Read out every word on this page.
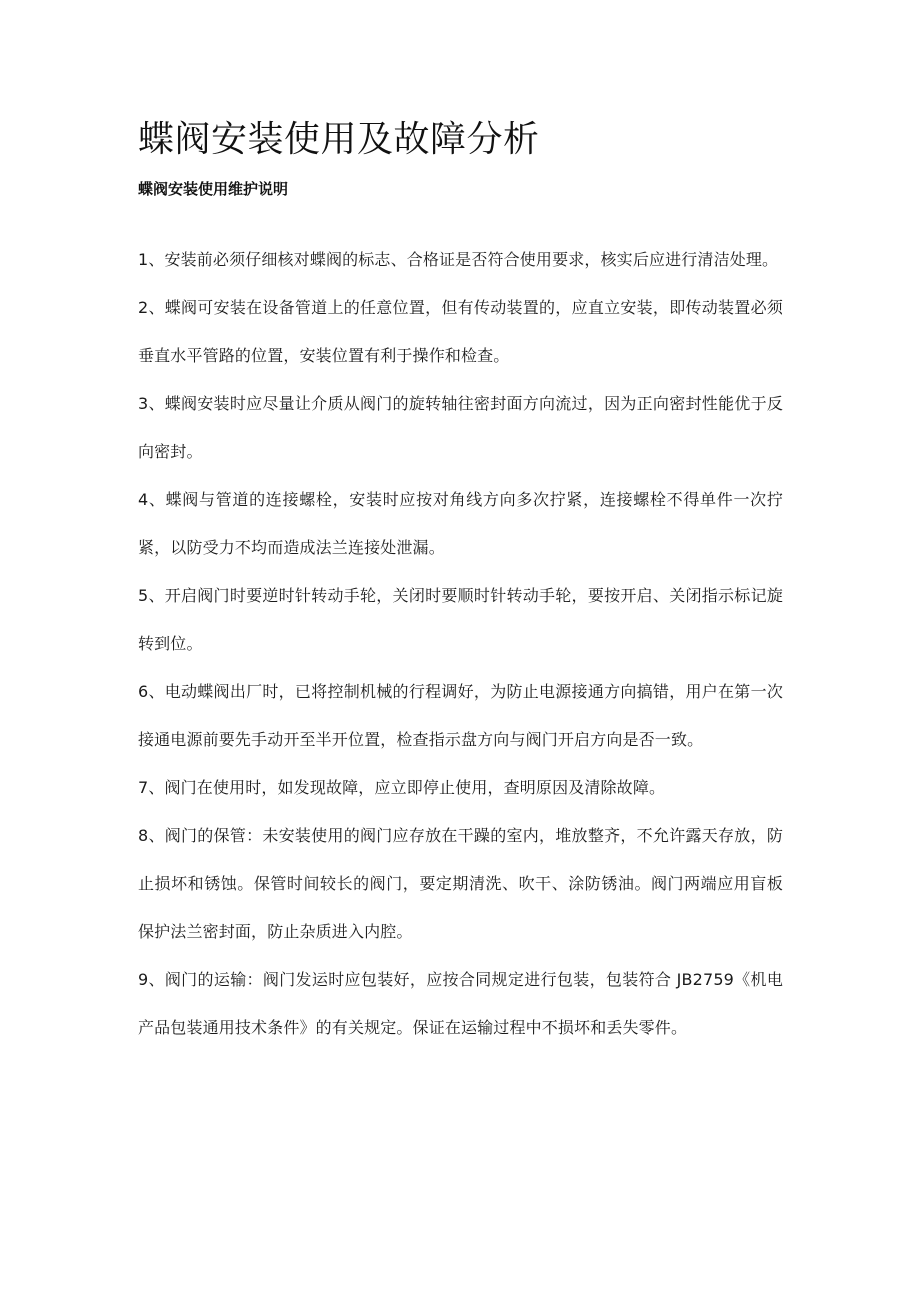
蝶阀安装使用及故障分析
蝶阀安装使用维护说明
1、安装前必须仔细核对蝶阀的标志、合格证是否符合使用要求，核实后应进行清洁处理。
2、蝶阀可安装在设备管道上的任意位置，但有传动装置的，应直立安装，即传动装置必须垂直水平管路的位置，安装位置有利于操作和检查。
3、蝶阀安装时应尽量让介质从阀门的旋转轴往密封面方向流过，因为正向密封性能优于反向密封。
4、蝶阀与管道的连接螺栓，安装时应按对角线方向多次拧紧，连接螺栓不得单件一次拧紧，以防受力不均而造成法兰连接处泄漏。
5、开启阀门时要逆时针转动手轮，关闭时要顺时针转动手轮，要按开启、关闭指示标记旋转到位。
6、电动蝶阀出厂时，已将控制机械的行程调好，为防止电源接通方向搞错，用户在第一次接通电源前要先手动开至半开位置，检查指示盘方向与阀门开启方向是否一致。
7、阀门在使用时，如发现故障，应立即停止使用，查明原因及清除故障。
8、阀门的保管：未安装使用的阀门应存放在干躁的室内，堆放整齐，不允许露天存放，防止损坏和锈蚀。保管时间较长的阀门，要定期清洗、吹干、涂防锈油。阀门两端应用盲板保护法兰密封面，防止杂质进入内腔。
9、阀门的运输：阀门发运时应包装好，应按合同规定进行包装，包装符合 JB2759《机电产品包装通用技术条件》的有关规定。保证在运输过程中不损坏和丢失零件。
